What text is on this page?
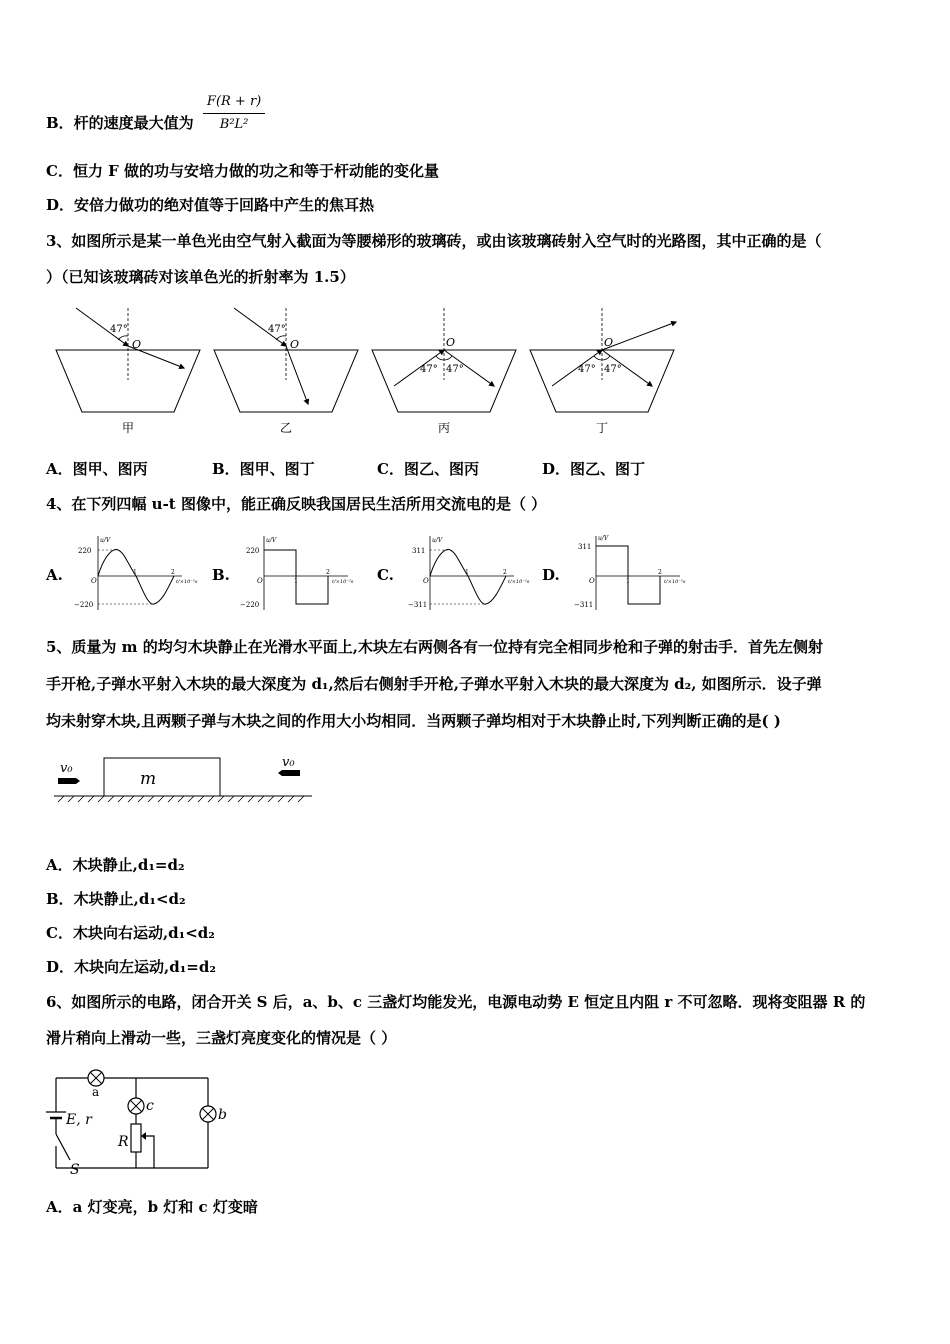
B．杆的速度最大值为 $\frac{F(R + r)}{\text{B²L²}}$
C．恒力 F 做的功与安培力做的功之和等于杆动能的变化量
D．安倍力做功的绝对值等于回路中产生的焦耳热
3、如图所示是某一单色光由空气射入截面为等腰梯形的玻璃砖，或由该玻璃砖射入空气时的光路图，其中正确的是（
）（已知该玻璃砖对该单色光的折射率为 1.5）
47°
O
甲
47°
O
乙
O
47° 47°
丙
O
47° 47°
丁
A．图甲、图丙	B．图甲、图丁	C．图乙、图丙	D．图乙、图丁
4、在下列四幅 u-t 图像中，能正确反映我国居民生活所用交流电的是（ ）
A.	B.	C.	D.
u/V
220
−220
O
1	2
t/×10⁻²s
u/V
220
−220
O	1
2
t/×10⁻²s
u/V
311
−311
O
1	2
t/×10⁻²s
u/V
311
−311
O	1
2
t/×10⁻²s
5、质量为 m 的均匀木块静止在光滑水平面上,木块左右两侧各有一位持有完全相同步枪和子弹的射击手．首先左侧射
手开枪,子弹水平射入木块的最大深度为 d₁,然后右侧射手开枪,子弹水平射入木块的最大深度为 d₂, 如图所示．设子弹
均未射穿木块,且两颗子弹与木块之间的作用大小均相同．当两颗子弹均相对于木块静止时,下列判断正确的是( )
m
v₀	v₀
A．木块静止,d₁=d₂
B．木块静止,d₁<d₂
C．木块向右运动,d₁<d₂
D．木块向左运动,d₁=d₂
6、如图所示的电路，闭合开关 S 后，a、b、c 三盏灯均能发光，电源电动势 E 恒定且内阻 r 不可忽略．现将变阻器 R 的
滑片稍向上滑动一些，三盏灯亮度变化的情况是（ ）
a
E, r
S
c
R
b
A．a 灯变亮，b 灯和 c 灯变暗
